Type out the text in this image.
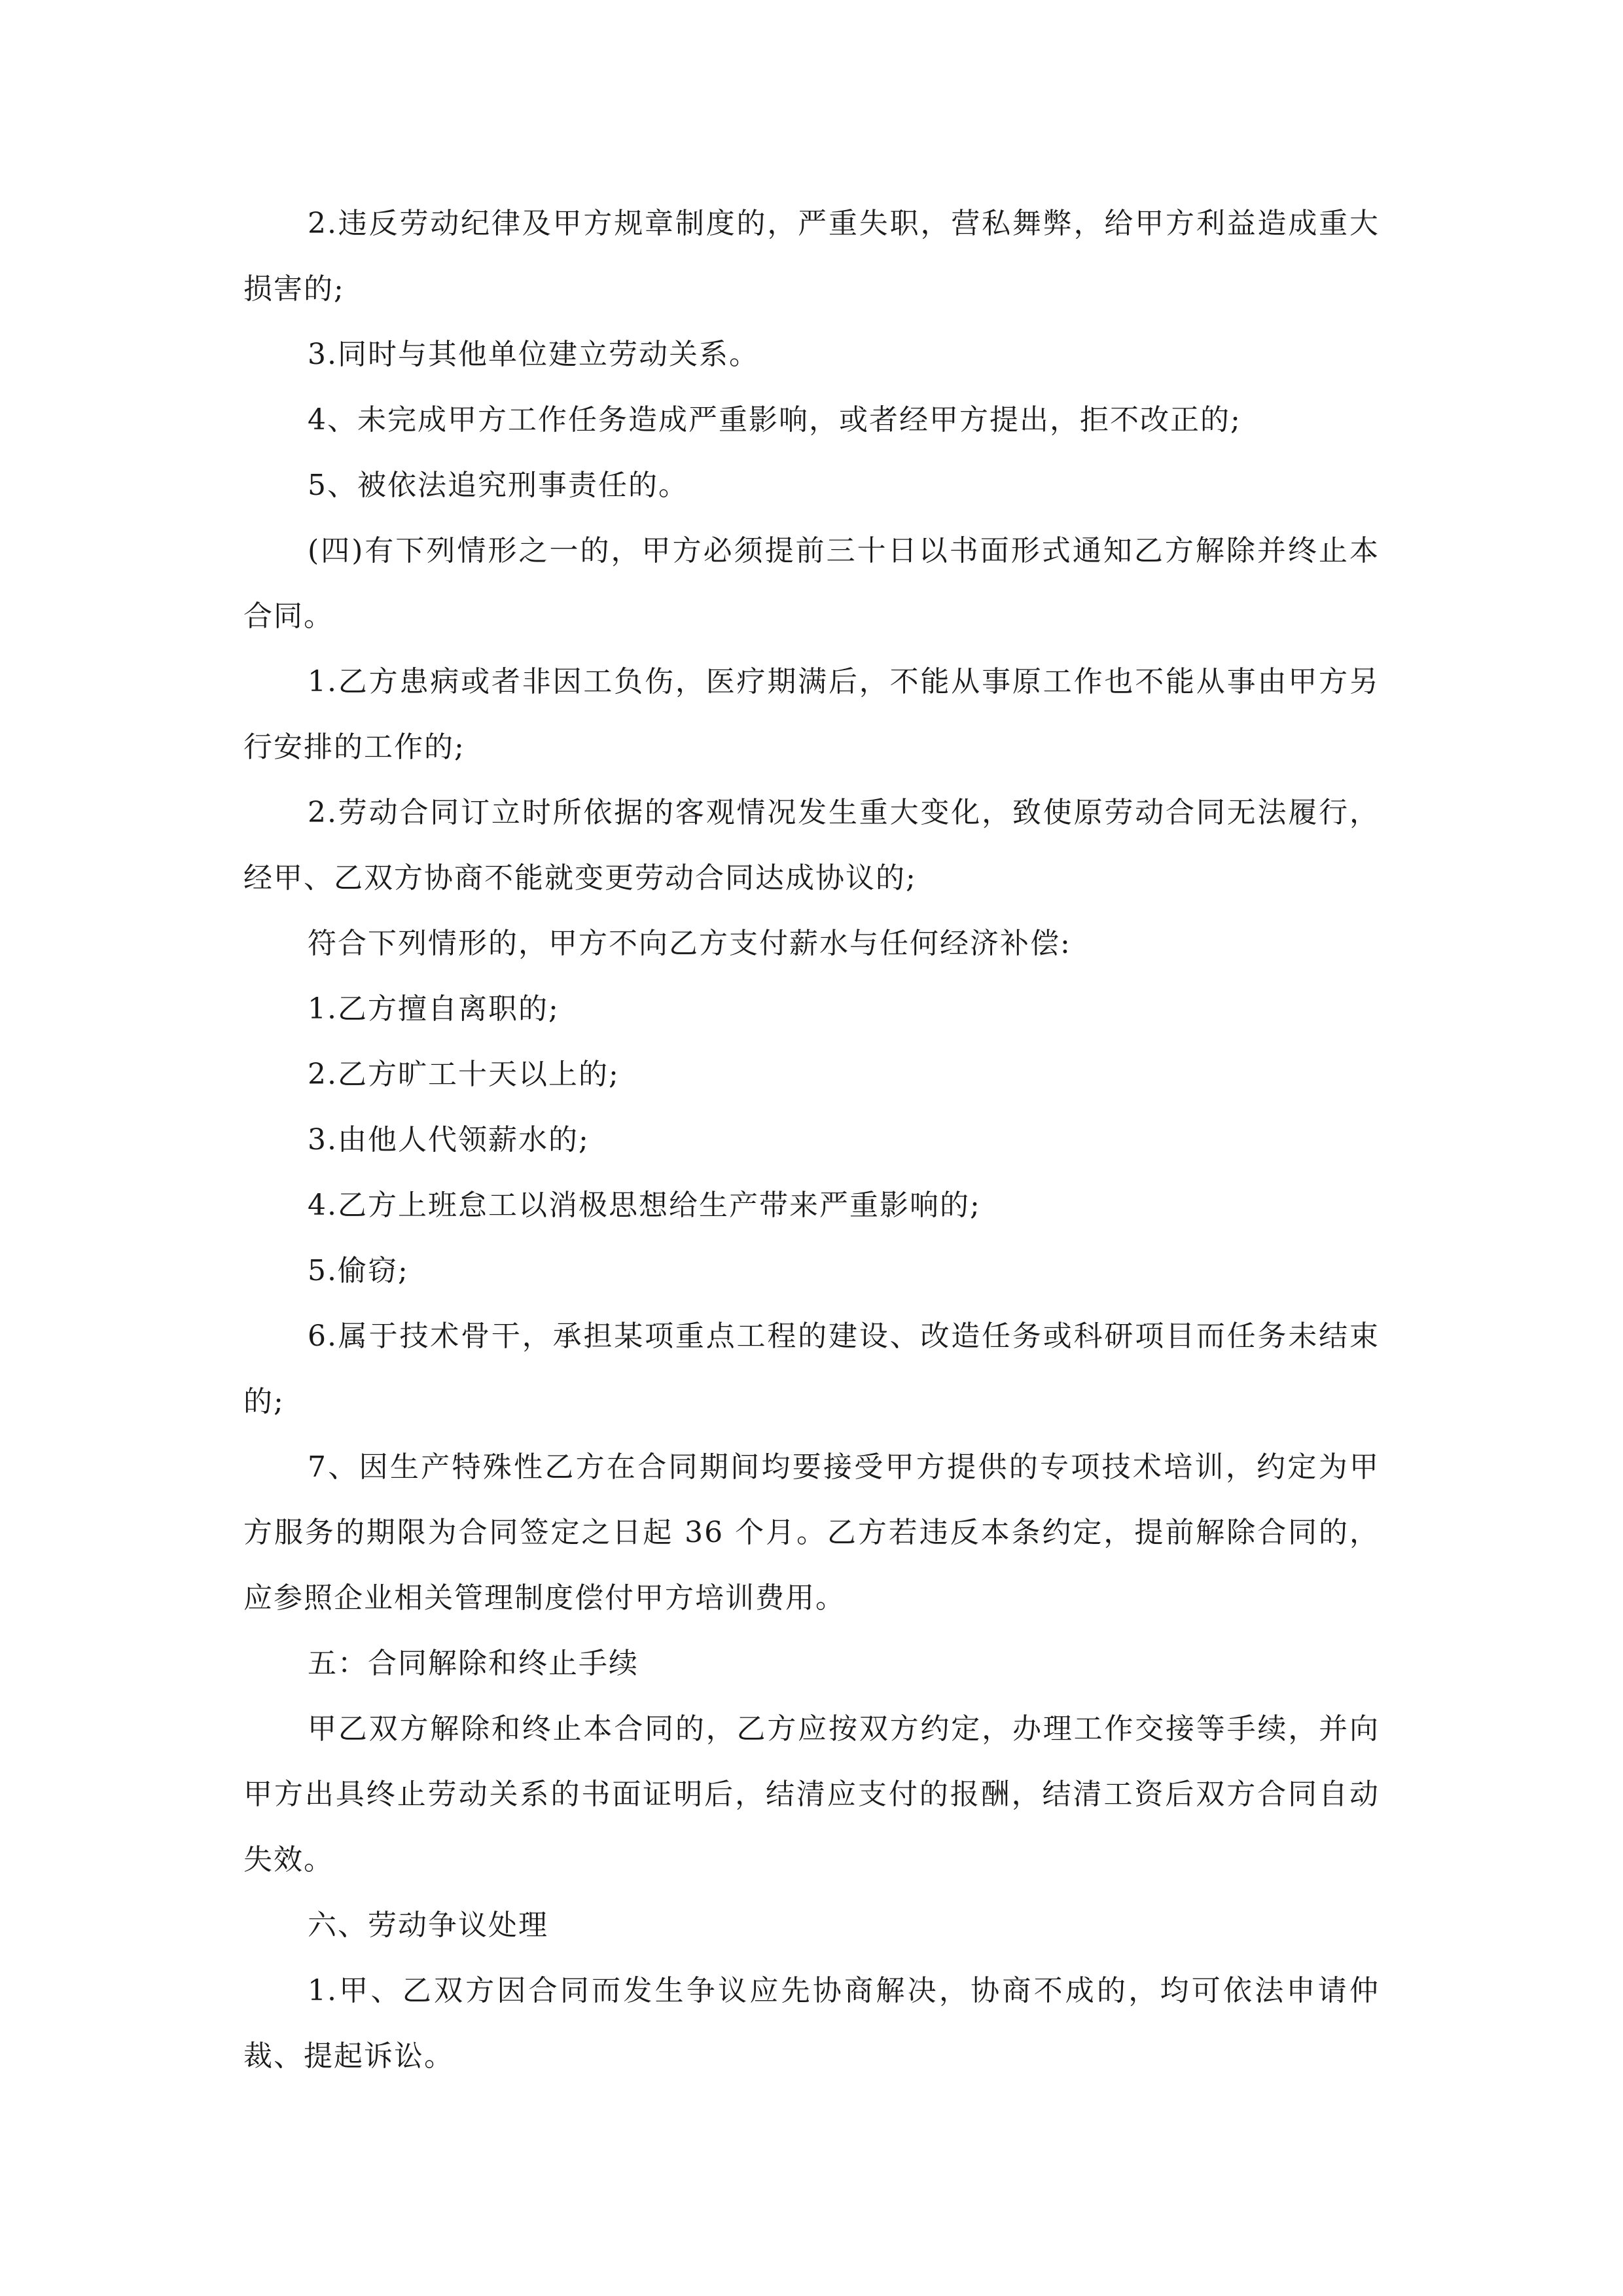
2.违反劳动纪律及甲方规章制度的，严重失职，营私舞弊，给甲方利益造成重大损害的;

3.同时与其他单位建立劳动关系。

4、未完成甲方工作任务造成严重影响，或者经甲方提出，拒不改正的;

5、被依法追究刑事责任的。

(四)有下列情形之一的，甲方必须提前三十日以书面形式通知乙方解除并终止本合同。

1.乙方患病或者非因工负伤，医疗期满后，不能从事原工作也不能从事由甲方另行安排的工作的;

2.劳动合同订立时所依据的客观情况发生重大变化，致使原劳动合同无法履行，经甲、乙双方协商不能就变更劳动合同达成协议的;

符合下列情形的，甲方不向乙方支付薪水与任何经济补偿:

1.乙方擅自离职的;

2.乙方旷工十天以上的;

3.由他人代领薪水的;

4.乙方上班怠工以消极思想给生产带来严重影响的;

5.偷窃;

6.属于技术骨干，承担某项重点工程的建设、改造任务或科研项目而任务未结束的;

7、因生产特殊性乙方在合同期间均要接受甲方提供的专项技术培训，约定为甲方服务的期限为合同签定之日起 36 个月。乙方若违反本条约定，提前解除合同的，应参照企业相关管理制度偿付甲方培训费用。

五：合同解除和终止手续

甲乙双方解除和终止本合同的，乙方应按双方约定，办理工作交接等手续，并向甲方出具终止劳动关系的书面证明后，结清应支付的报酬，结清工资后双方合同自动失效。

六、劳动争议处理

1.甲、乙双方因合同而发生争议应先协商解决，协商不成的，均可依法申请仲裁、提起诉讼。
